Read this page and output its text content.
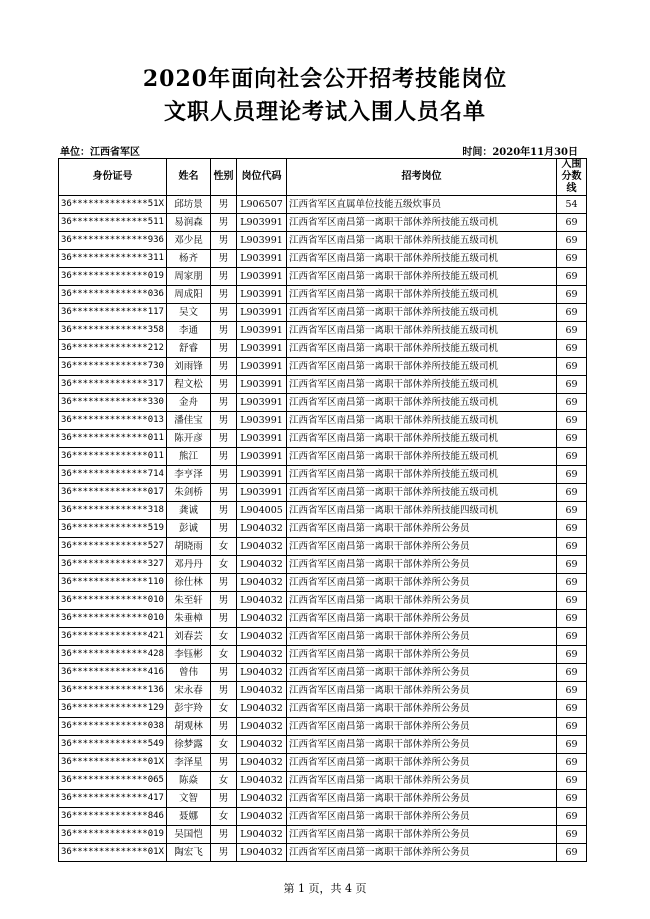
2020年面向社会公开招考技能岗位
文职人员理论考试入围人员名单
单位：江西省军区	时间：2020年11月30日
身份证号	姓名	性别	岗位代码	招考岗位	入围分数线
36**************51X	邱坊景	男	L906507	江西省军区直属单位技能五级炊事员	54
36**************511	易润森	男	L903991	江西省军区南昌第一离职干部休养所技能五级司机	69
36**************936	邓少昆	男	L903991	江西省军区南昌第一离职干部休养所技能五级司机	69
36**************311	杨齐	男	L903991	江西省军区南昌第一离职干部休养所技能五级司机	69
36**************019	周家朋	男	L903991	江西省军区南昌第一离职干部休养所技能五级司机	69
36**************036	周成阳	男	L903991	江西省军区南昌第一离职干部休养所技能五级司机	69
36**************117	吴文	男	L903991	江西省军区南昌第一离职干部休养所技能五级司机	69
36**************358	李通	男	L903991	江西省军区南昌第一离职干部休养所技能五级司机	69
36**************212	舒睿	男	L903991	江西省军区南昌第一离职干部休养所技能五级司机	69
36**************730	刘雨锋	男	L903991	江西省军区南昌第一离职干部休养所技能五级司机	69
36**************317	程文松	男	L903991	江西省军区南昌第一离职干部休养所技能五级司机	69
36**************330	金舟	男	L903991	江西省军区南昌第一离职干部休养所技能五级司机	69
36**************013	潘佳宝	男	L903991	江西省军区南昌第一离职干部休养所技能五级司机	69
36**************011	陈开彦	男	L903991	江西省军区南昌第一离职干部休养所技能五级司机	69
36**************011	熊江	男	L903991	江西省军区南昌第一离职干部休养所技能五级司机	69
36**************714	李亨泽	男	L903991	江西省军区南昌第一离职干部休养所技能五级司机	69
36**************017	朱剑桥	男	L903991	江西省军区南昌第一离职干部休养所技能五级司机	69
36**************318	龚诚	男	L904005	江西省军区南昌第一离职干部休养所技能四级司机	69
36**************519	彭诚	男	L904032	江西省军区南昌第一离职干部休养所公务员	69
36**************527	胡晓雨	女	L904032	江西省军区南昌第一离职干部休养所公务员	69
36**************327	邓丹丹	女	L904032	江西省军区南昌第一离职干部休养所公务员	69
36**************110	徐仕林	男	L904032	江西省军区南昌第一离职干部休养所公务员	69
36**************010	朱至轩	男	L904032	江西省军区南昌第一离职干部休养所公务员	69
36**************010	朱垂樟	男	L904032	江西省军区南昌第一离职干部休养所公务员	69
36**************421	刘春芸	女	L904032	江西省军区南昌第一离职干部休养所公务员	69
36**************428	李钰彬	女	L904032	江西省军区南昌第一离职干部休养所公务员	69
36**************416	曾伟	男	L904032	江西省军区南昌第一离职干部休养所公务员	69
36**************136	宋永春	男	L904032	江西省军区南昌第一离职干部休养所公务员	69
36**************129	彭宇羚	女	L904032	江西省军区南昌第一离职干部休养所公务员	69
36**************038	胡观林	男	L904032	江西省军区南昌第一离职干部休养所公务员	69
36**************549	徐梦露	女	L904032	江西省军区南昌第一离职干部休养所公务员	69
36**************01X	李泽星	男	L904032	江西省军区南昌第一离职干部休养所公务员	69
36**************065	陈焱	女	L904032	江西省军区南昌第一离职干部休养所公务员	69
36**************417	文智	男	L904032	江西省军区南昌第一离职干部休养所公务员	69
36**************846	聂娜	女	L904032	江西省军区南昌第一离职干部休养所公务员	69
36**************019	吴国恺	男	L904032	江西省军区南昌第一离职干部休养所公务员	69
36**************01X	陶宏飞	男	L904032	江西省军区南昌第一离职干部休养所公务员	69
第 1 页，共 4 页
